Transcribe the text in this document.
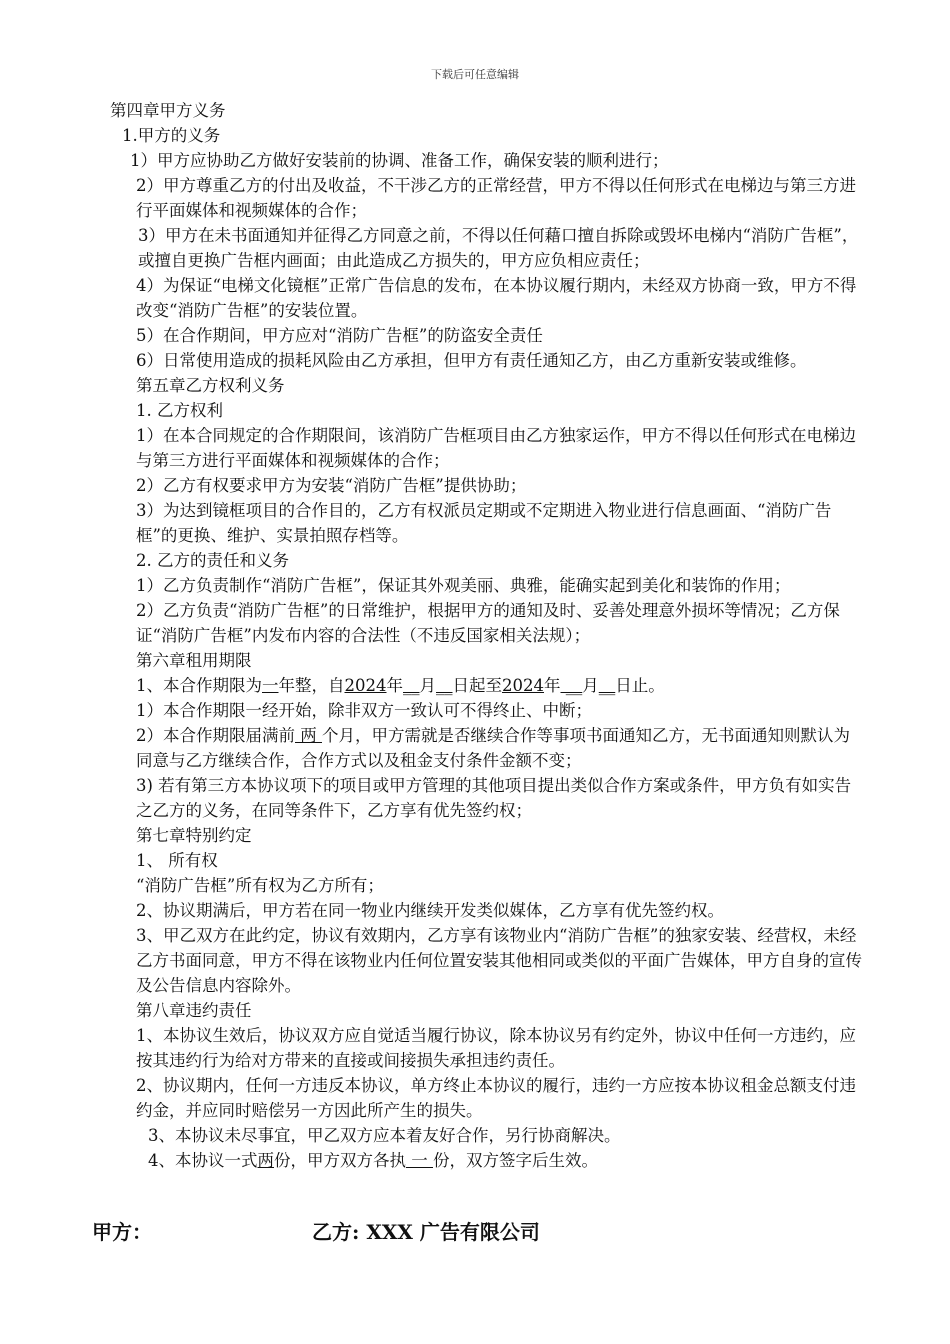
下载后可任意编辑

第四章甲方义务

1.甲方的义务

1）甲方应协助乙方做好安装前的协调、准备工作，确保安装的顺利进行；

2）甲方尊重乙方的付出及收益，不干涉乙方的正常经营，甲方不得以任何形式在电梯边与第三方进行平面媒体和视频媒体的合作；

3）甲方在未书面通知并征得乙方同意之前，不得以任何藉口擅自拆除或毁坏电梯内“消防广告框”，或擅自更换广告框内画面；由此造成乙方损失的，甲方应负相应责任；

4）为保证“电梯文化镜框”正常广告信息的发布，在本协议履行期内，未经双方协商一致，甲方不得改变“消防广告框”的安装位置。

5）在合作期间，甲方应对“消防广告框”的防盗安全责任

6）日常使用造成的损耗风险由乙方承担，但甲方有责任通知乙方，由乙方重新安装或维修。

第五章乙方权利义务

1. 乙方权利

1）在本合同规定的合作期限间，该消防广告框项目由乙方独家运作，甲方不得以任何形式在电梯边与第三方进行平面媒体和视频媒体的合作；

2）乙方有权要求甲方为安装“消防广告框”提供协助；

3）为达到镜框项目的合作目的，乙方有权派员定期或不定期进入物业进行信息画面、“消防广告框”的更换、维护、实景拍照存档等。

2. 乙方的责任和义务

1）乙方负责制作“消防广告框”，保证其外观美丽、典雅，能确实起到美化和装饰的作用；

2）乙方负责“消防广告框”的日常维护，根据甲方的通知及时、妥善处理意外损坏等情况；乙方保证“消防广告框”内发布内容的合法性（不违反国家相关法规）；

第六章租用期限

1、本合作期限为一年整，自2024年__月__日起至2024年 __月__日止。

1）本合作期限一经开始，除非双方一致认可不得终止、中断；

2）本合作期限届满前 两 个月，甲方需就是否继续合作等事项书面通知乙方，无书面通知则默认为同意与乙方继续合作，合作方式以及租金支付条件金额不变；

3) 若有第三方本协议项下的项目或甲方管理的其他项目提出类似合作方案或条件，甲方负有如实告之乙方的义务，在同等条件下，乙方享有优先签约权；

第七章特别约定

1、 所有权

“消防广告框”所有权为乙方所有；

2、协议期满后，甲方若在同一物业内继续开发类似媒体，乙方享有优先签约权。

3、甲乙双方在此约定，协议有效期内，乙方享有该物业内“消防广告框”的独家安装、经营权，未经乙方书面同意，甲方不得在该物业内任何位置安装其他相同或类似的平面广告媒体，甲方自身的宣传及公告信息内容除外。

第八章违约责任

1、本协议生效后，协议双方应自觉适当履行协议，除本协议另有约定外，协议中任何一方违约，应按其违约行为给对方带来的直接或间接损失承担违约责任。

2、协议期内，任何一方违反本协议，单方终止本协议的履行，违约一方应按本协议租金总额支付违约金，并应同时赔偿另一方因此所产生的损失。

3、本协议未尽事宜，甲乙双方应本着友好合作，另行协商解决。

4、本协议一式两份，甲方双方各执 一 份，双方签字后生效。

甲方：	乙方: XXX 广告有限公司
